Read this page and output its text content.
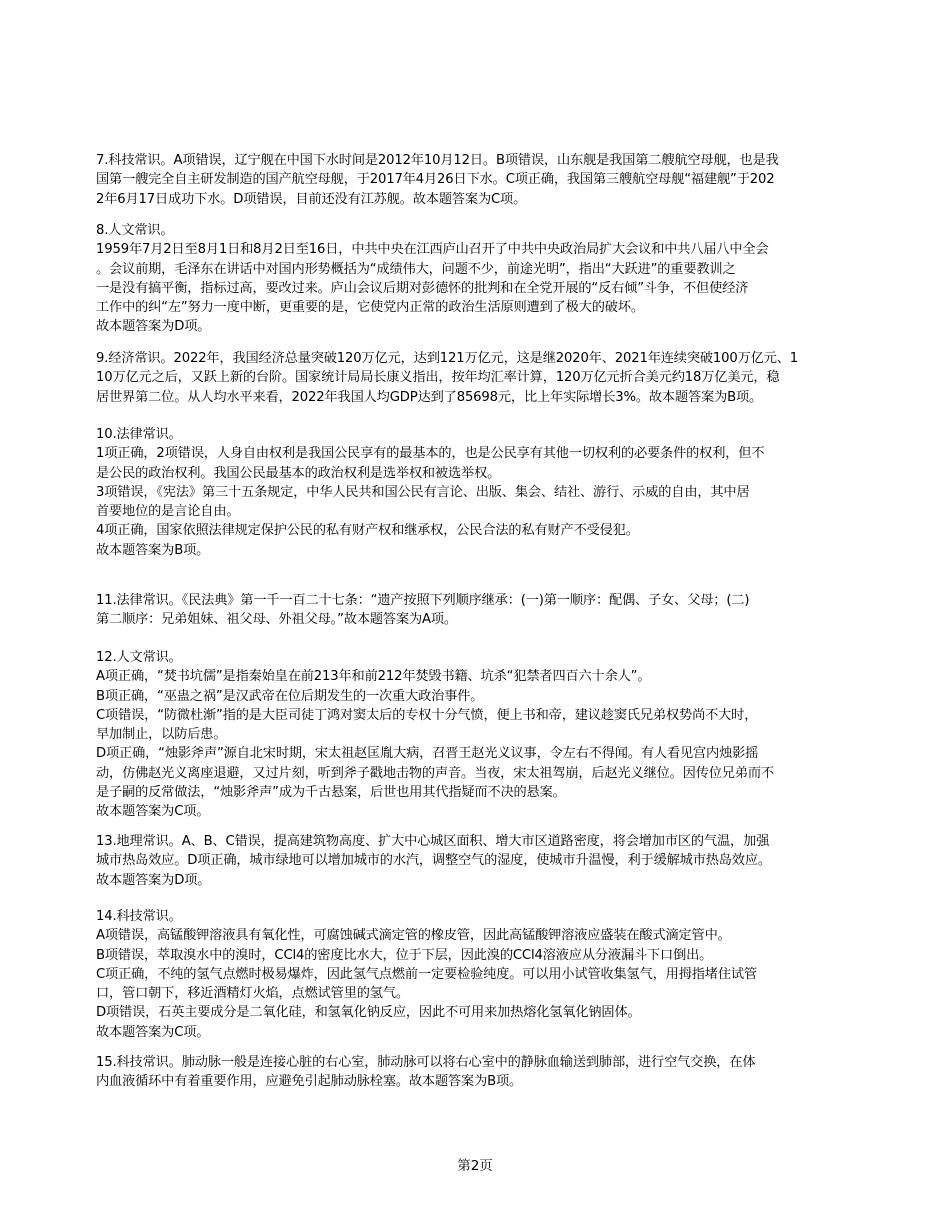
7.科技常识。A项错误，辽宁舰在中国下水时间是2012年10月12日。B项错误，山东舰是我国第二艘航空母舰，也是我
国第一艘完全自主研发制造的国产航空母舰，于2017年4月26日下水。C项正确，我国第三艘航空母舰“福建舰”于202
2年6月17日成功下水。D项错误，目前还没有江苏舰。故本题答案为C项。
8.人文常识。
1959年7月2日至8月1日和8月2日至16日，中共中央在江西庐山召开了中共中央政治局扩大会议和中共八届八中全会
。会议前期，毛泽东在讲话中对国内形势概括为“成绩伟大，问题不少，前途光明”，指出“大跃进”的重要教训之
一是没有搞平衡，指标过高，要改过来。庐山会议后期对彭德怀的批判和在全党开展的“反右倾”斗争，不但使经济
工作中的纠“左”努力一度中断，更重要的是，它使党内正常的政治生活原则遭到了极大的破坏。
故本题答案为D项。
9.经济常识。2022年，我国经济总量突破120万亿元，达到121万亿元，这是继2020年、2021年连续突破100万亿元、1
10万亿元之后，又跃上新的台阶。国家统计局局长康义指出，按年均汇率计算，120万亿元折合美元约18万亿美元，稳
居世界第二位。从人均水平来看，2022年我国人均GDP达到了85698元，比上年实际增长3%。故本题答案为B项。
10.法律常识。
1项正确，2项错误，人身自由权利是我国公民享有的最基本的，也是公民享有其他一切权利的必要条件的权利，但不
是公民的政治权利。我国公民最基本的政治权利是选举权和被选举权。
3项错误，《宪法》第三十五条规定，中华人民共和国公民有言论、出版、集会、结社、游行、示威的自由，其中居
首要地位的是言论自由。
4项正确，国家依照法律规定保护公民的私有财产权和继承权，公民合法的私有财产不受侵犯。
故本题答案为B项。
11.法律常识。《民法典》第一千一百二十七条：“遗产按照下列顺序继承：(一)第一顺序：配偶、子女、父母；(二)
第二顺序：兄弟姐妹、祖父母、外祖父母。”故本题答案为A项。
12.人文常识。
A项正确，“焚书坑儒”是指秦始皇在前213年和前212年焚毁书籍、坑杀“犯禁者四百六十余人”。
B项正确，“巫蛊之祸”是汉武帝在位后期发生的一次重大政治事件。
C项错误，“防微杜渐”指的是大臣司徒丁鸿对窦太后的专权十分气愤，便上书和帝，建议趁窦氏兄弟权势尚不大时，
早加制止，以防后患。
D项正确，“烛影斧声”源自北宋时期，宋太祖赵匡胤大病，召晋王赵光义议事，令左右不得闻。有人看见宫内烛影摇
动，仿佛赵光义离座退避，又过片刻，听到斧子戳地击物的声音。当夜，宋太祖驾崩，后赵光义继位。因传位兄弟而不
是子嗣的反常做法，“烛影斧声”成为千古悬案，后世也用其代指疑而不决的悬案。
故本题答案为C项。
13.地理常识。A、B、C错误，提高建筑物高度、扩大中心城区面积、增大市区道路密度，将会增加市区的气温，加强
城市热岛效应。D项正确，城市绿地可以增加城市的水汽，调整空气的湿度，使城市升温慢，利于缓解城市热岛效应。
故本题答案为D项。
14.科技常识。
A项错误，高锰酸钾溶液具有氧化性，可腐蚀碱式滴定管的橡皮管，因此高锰酸钾溶液应盛装在酸式滴定管中。
B项错误，萃取溴水中的溴时，CCl4的密度比水大，位于下层，因此溴的CCl4溶液应从分液漏斗下口倒出。
C项正确，不纯的氢气点燃时极易爆炸，因此氢气点燃前一定要检验纯度。可以用小试管收集氢气，用拇指堵住试管
口，管口朝下，移近酒精灯火焰，点燃试管里的氢气。
D项错误，石英主要成分是二氧化硅，和氢氧化钠反应，因此不可用来加热熔化氢氧化钠固体。
故本题答案为C项。
15.科技常识。肺动脉一般是连接心脏的右心室，肺动脉可以将右心室中的静脉血输送到肺部，进行空气交换，在体
内血液循环中有着重要作用，应避免引起肺动脉栓塞。故本题答案为B项。
第2页
